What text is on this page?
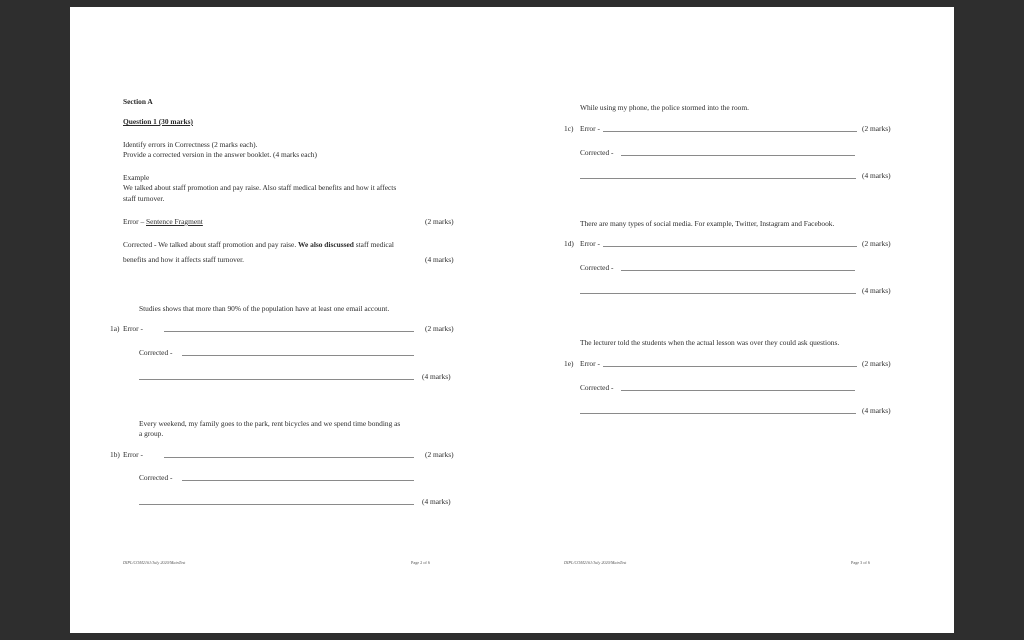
Section A
Question 1 (30 marks)
Identify errors in Correctness (2 marks each).
Provide a corrected version in the answer booklet. (4 marks each)
Example
We talked about staff promotion and pay raise. Also staff medical benefits and how it affects
staff turnover.
Error – Sentence Fragment	(2 marks)
Corrected - We talked about staff promotion and pay raise. We also discussed staff medical
benefits and how it affects staff turnover.	(4 marks)
Studies shows that more than 90% of the population have at least one email account.
1a) Error -	(2 marks)
Corrected -
(4 marks)
Every weekend, my family goes to the park, rent bicycles and we spend time bonding as
a group.
1b) Error -	(2 marks)
Corrected -
(4 marks)
DIPL/COM2161/July 2020/MainTest	Page 2 of 6
While using my phone, the police stormed into the room.
1c) Error -	(2 marks)
Corrected -
(4 marks)
There are many types of social media. For example, Twitter, Instagram and Facebook.
1d) Error -	(2 marks)
Corrected -
(4 marks)
The lecturer told the students when the actual lesson was over they could ask questions.
1e) Error -	(2 marks)
Corrected -
(4 marks)
DIPL/COM2161/July 2020/MainTest	Page 3 of 6
